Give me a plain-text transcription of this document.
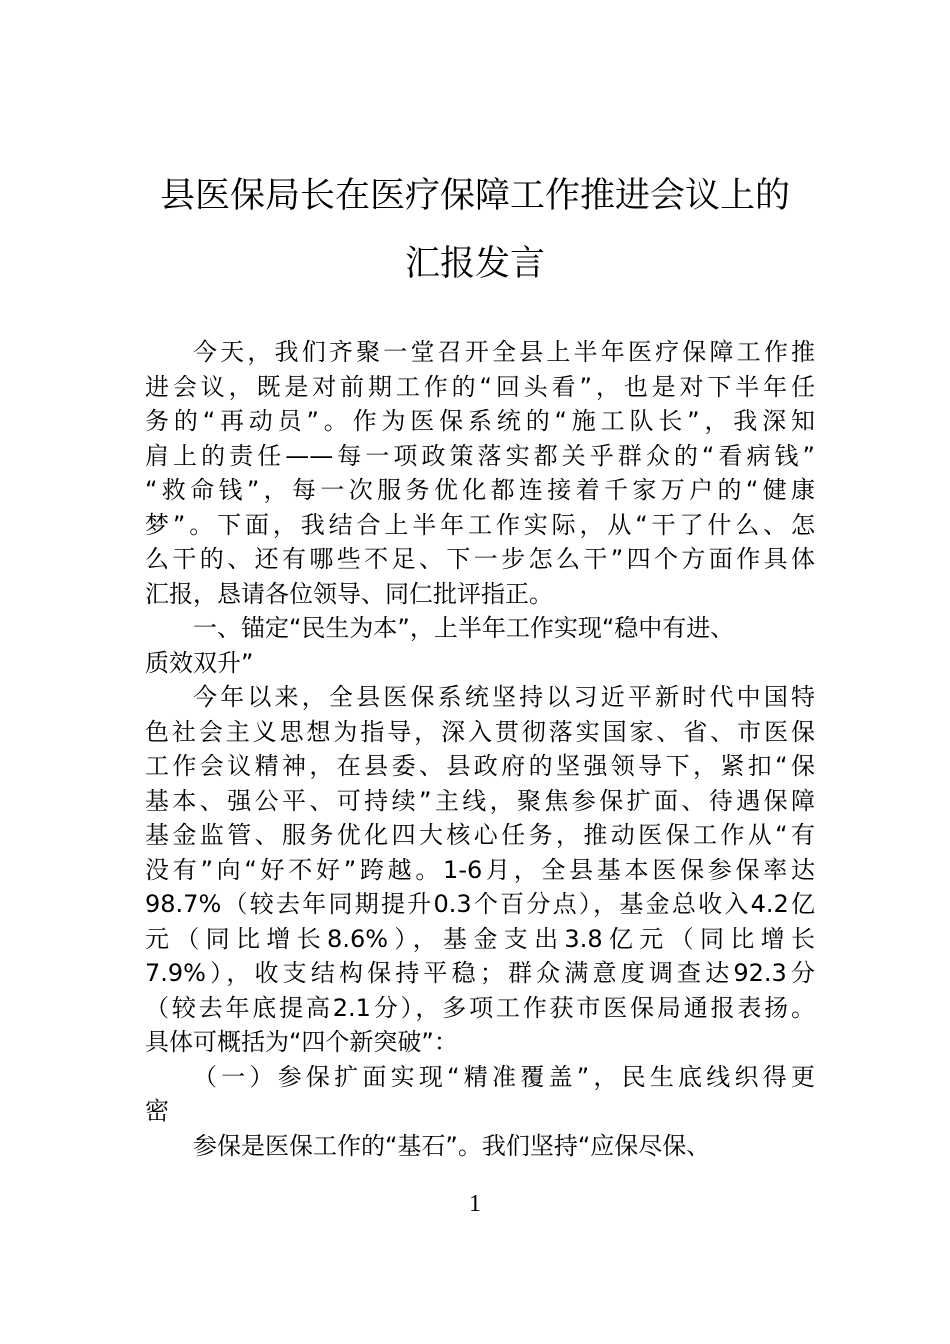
县医保局长在医疗保障工作推进会议上的
汇报发言
今天，我们齐聚一堂召开全县上半年医疗保障工作推
进会议，既是对前期工作的“回头看”，也是对下半年任
务的“再动员”。作为医保系统的“施工队长”，我深知
肩上的责任——每一项政策落实都关乎群众的“看病钱”
“救命钱”，每一次服务优化都连接着千家万户的“健康
梦”。下面，我结合上半年工作实际，从“干了什么、怎
么干的、还有哪些不足、下一步怎么干”四个方面作具体
汇报，恳请各位领导、同仁批评指正。
一、锚定“民生为本”，上半年工作实现“稳中有进、
质效双升”
今年以来，全县医保系统坚持以习近平新时代中国特
色社会主义思想为指导，深入贯彻落实国家、省、市医保
工作会议精神，在县委、县政府的坚强领导下，紧扣“保
基本、强公平、可持续”主线，聚焦参保扩面、待遇保障
基金监管、服务优化四大核心任务，推动医保工作从“有
没有”向“好不好”跨越。1-6月，全县基本医保参保率达
98.7%（较去年同期提升0.3个百分点），基金总收入4.2亿
元（同比增长8.6%），基金支出3.8亿元（同比增长
7.9%），收支结构保持平稳；群众满意度调查达92.3分
（较去年底提高2.1分），多项工作获市医保局通报表扬。
具体可概括为“四个新突破”：
（一）参保扩面实现“精准覆盖”，民生底线织得更
密
参保是医保工作的“基石”。我们坚持“应保尽保、
1
